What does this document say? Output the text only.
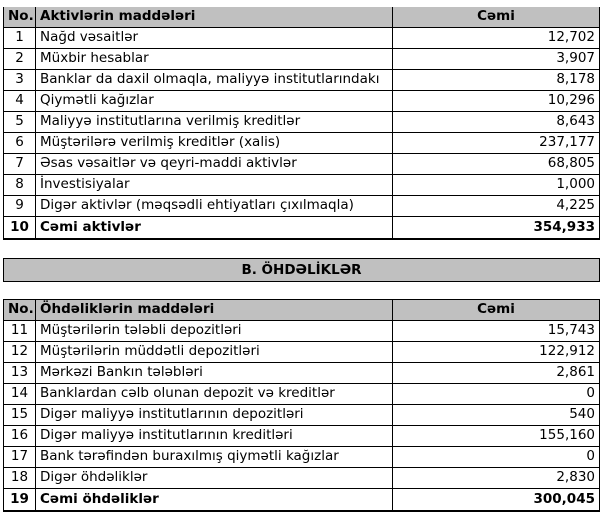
No.	Aktivlərin maddələri	Cəmi
1	Nağd vəsaitlər	12,702
2	Müxbir hesablar	3,907
3	Banklar da daxil olmaqla, maliyyə institutlarındakı	8,178
4	Qiymətli kağızlar	10,296
5	Maliyyə institutlarına verilmiş kreditlər	8,643
6	Müştərilərə verilmiş kreditlər (xalis)	237,177
7	Əsas vəsaitlər və qeyri-maddi aktivlər	68,805
8	İnvestisiyalar	1,000
9	Digər aktivlər (məqsədli ehtiyatları çıxılmaqla)	4,225
10	Cəmi aktivlər	354,933
B. ÖHDƏLİKLƏR
No.	Öhdəliklərin maddələri	Cəmi
11	Müştərilərin tələbli depozitləri	15,743
12	Müştərilərin müddətli depozitləri	122,912
13	Mərkəzi Bankın tələbləri	2,861
14	Banklardan cəlb olunan depozit və kreditlər	0
15	Digər maliyyə institutlarının depozitləri	540
16	Digər maliyyə institutlarının kreditləri	155,160
17	Bank tərəfindən buraxılmış qiymətli kağızlar	0
18	Digər öhdəliklər	2,830
19	Cəmi öhdəliklər	300,045
